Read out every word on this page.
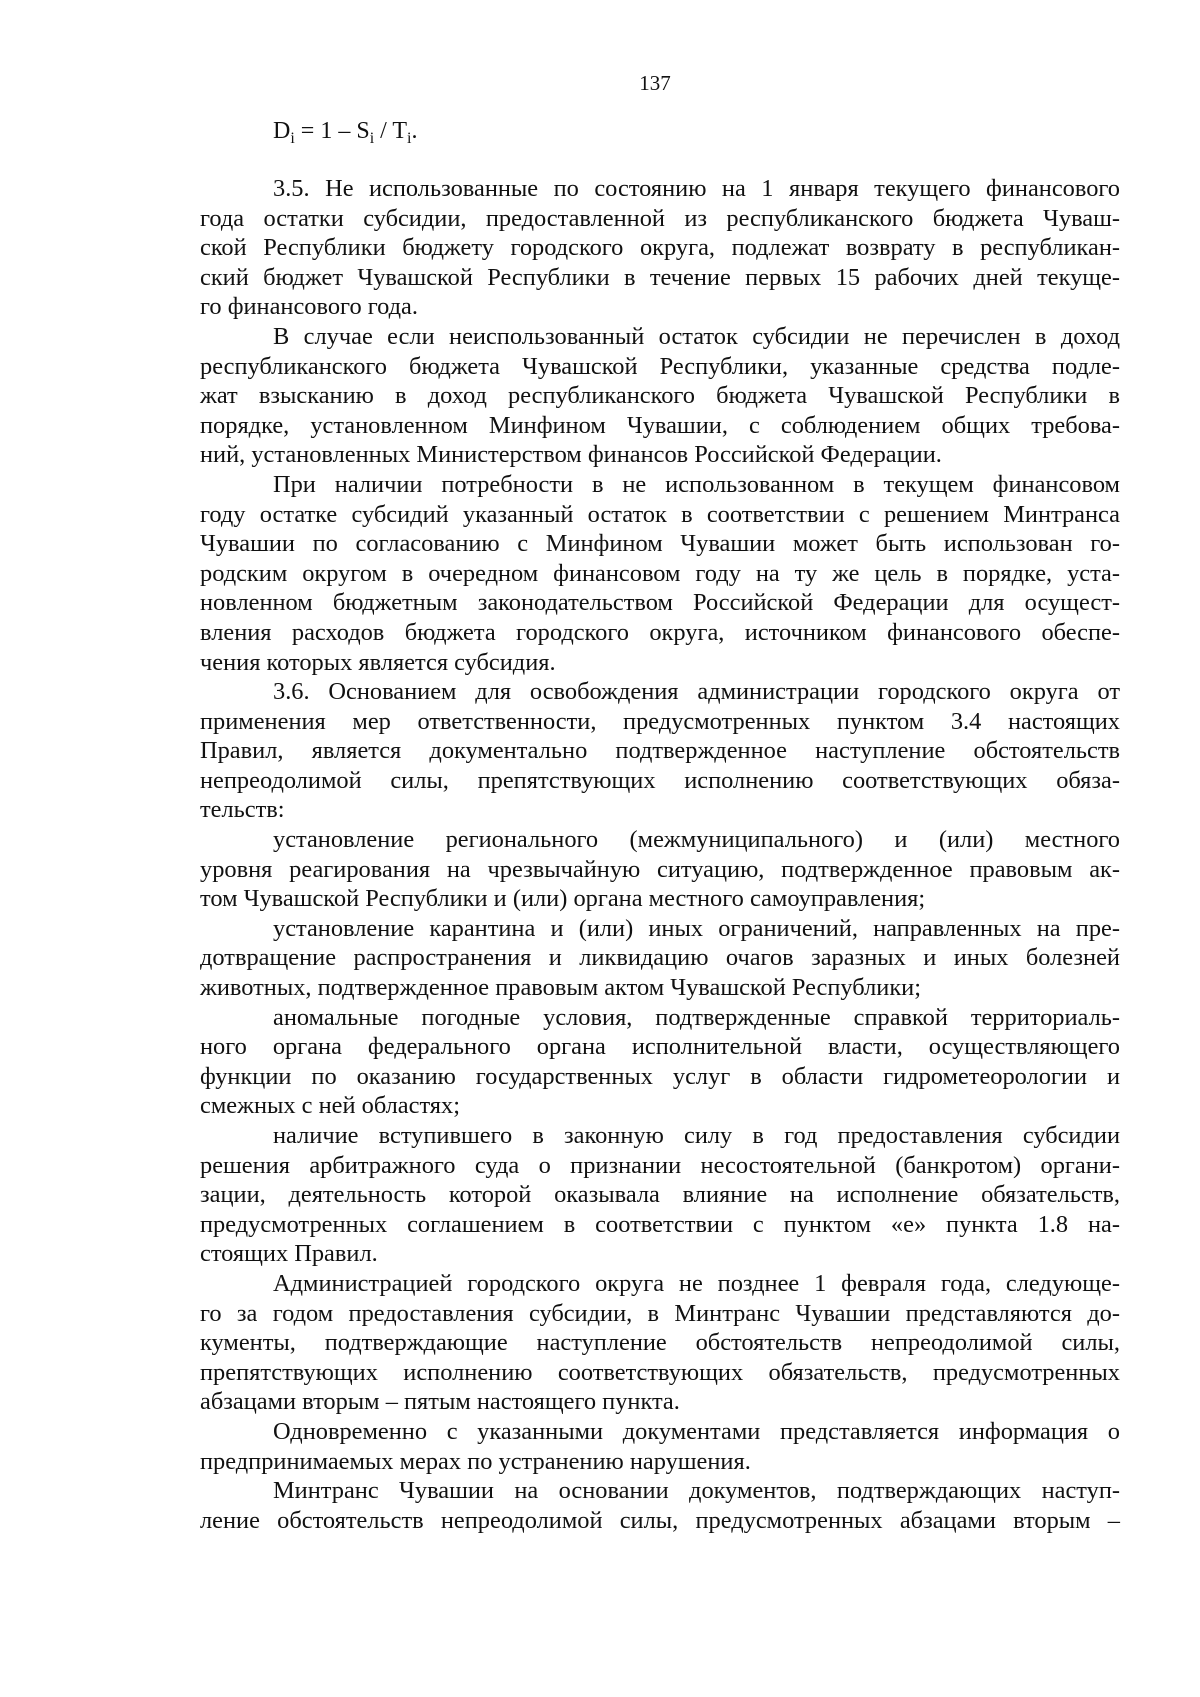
137
$D_i = 1 - S_i / T_i$.

3.5. Не использованные по состоянию на 1 января текущего финансового
года остатки субсидии, предоставленной из республиканского бюджета Чуваш-
ской Республики бюджету городского округа, подлежат возврату в республикан-
ский бюджет Чувашской Республики в течение первых 15 рабочих дней текуще-
го финансового года.

В случае если неиспользованный остаток субсидии не перечислен в доход
республиканского бюджета Чувашской Республики, указанные средства подле-
жат взысканию в доход республиканского бюджета Чувашской Республики в
порядке, установленном Минфином Чувашии, с соблюдением общих требова-
ний, установленных Министерством финансов Российской Федерации.

При наличии потребности в не использованном в текущем финансовом
году остатке субсидий указанный остаток в соответствии с решением Минтранса
Чувашии по согласованию с Минфином Чувашии может быть использован го-
родским округом в очередном финансовом году на ту же цель в порядке, уста-
новленном бюджетным законодательством Российской Федерации для осущест-
вления расходов бюджета городского округа, источником финансового обеспе-
чения которых является субсидия.

3.6. Основанием для освобождения администрации городского округа от
применения мер ответственности, предусмотренных пунктом 3.4 настоящих
Правил, является документально подтвержденное наступление обстоятельств
непреодолимой силы, препятствующих исполнению соответствующих обяза-
тельств:

установление регионального (межмуниципального) и (или) местного
уровня реагирования на чрезвычайную ситуацию, подтвержденное правовым ак-
том Чувашской Республики и (или) органа местного самоуправления;

установление карантина и (или) иных ограничений, направленных на пре-
дотвращение распространения и ликвидацию очагов заразных и иных болезней
животных, подтвержденное правовым актом Чувашской Республики;

аномальные погодные условия, подтвержденные справкой территориаль-
ного органа федерального органа исполнительной власти, осуществляющего
функции по оказанию государственных услуг в области гидрометеорологии и
смежных с ней областях;

наличие вступившего в законную силу в год предоставления субсидии
решения арбитражного суда о признании несостоятельной (банкротом) органи-
зации, деятельность которой оказывала влияние на исполнение обязательств,
предусмотренных соглашением в соответствии с пунктом «е» пункта 1.8 на-
стоящих Правил.

Администрацией городского округа не позднее 1 февраля года, следующе-
го за годом предоставления субсидии, в Минтранс Чувашии представляются до-
кументы, подтверждающие наступление обстоятельств непреодолимой силы,
препятствующих исполнению соответствующих обязательств, предусмотренных
абзацами вторым – пятым настоящего пункта.

Одновременно с указанными документами представляется информация о
предпринимаемых мерах по устранению нарушения.

Минтранс Чувашии на основании документов, подтверждающих наступ-
ление обстоятельств непреодолимой силы, предусмотренных абзацами вторым –
